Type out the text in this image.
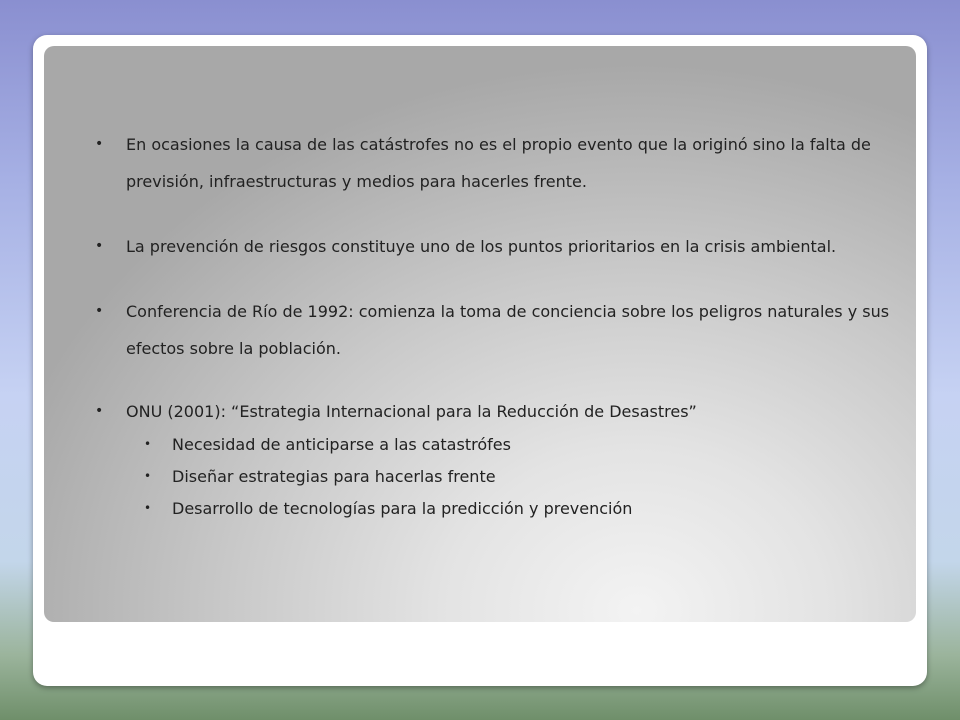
• En ocasiones la causa de las catástrofes no es el propio evento que la originó sino la falta de previsión, infraestructuras y medios para hacerles frente.
• La prevención de riesgos constituye uno de los puntos prioritarios en la crisis ambiental.
• Conferencia de Río de 1992: comienza la toma de conciencia sobre los peligros naturales y sus efectos sobre la población.
• ONU (2001): “Estrategia Internacional para la Reducción de Desastres”
• Necesidad de anticiparse a las catastrófes
• Diseñar estrategias para hacerlas frente
• Desarrollo de tecnologías para la predicción y prevención
